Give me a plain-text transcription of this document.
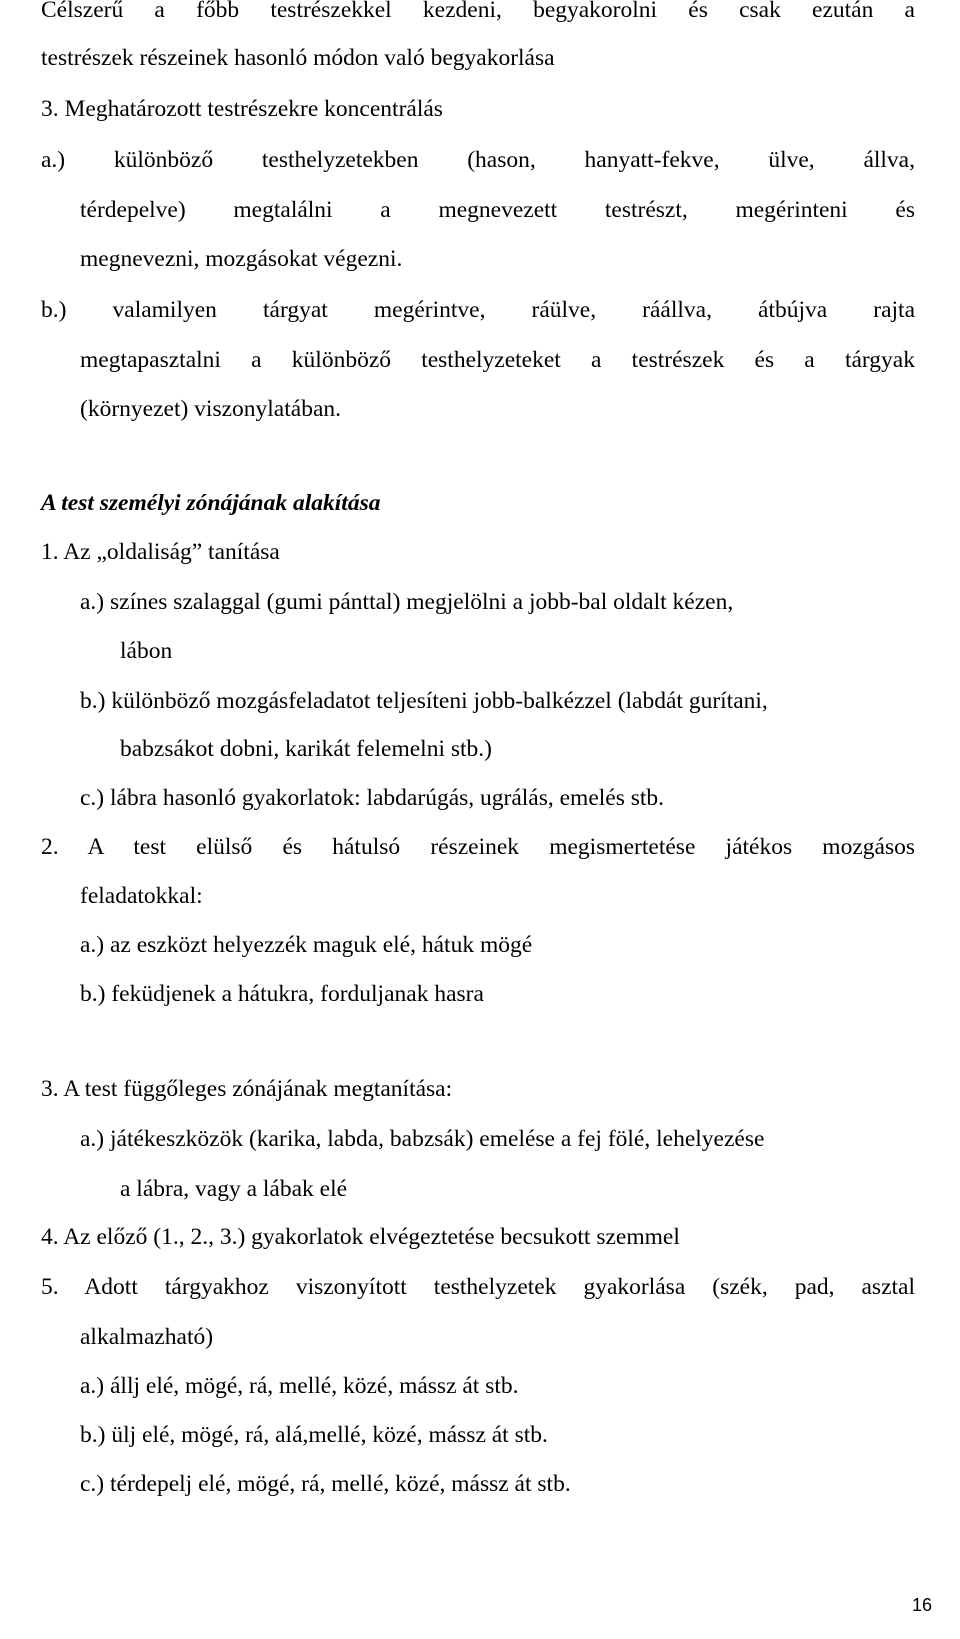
Célszerű a főbb testrészekkel kezdeni, begyakorolni és csak ezután a
testrészek részeinek hasonló módon való begyakorlása
3. Meghatározott testrészekre koncentrálás
a.) különböző testhelyzetekben (hason, hanyatt-fekve, ülve, állva,
térdepelve) megtalálni a megnevezett testrészt, megérinteni és
megnevezni, mozgásokat végezni.
b.) valamilyen tárgyat megérintve, ráülve, ráállva, átbújva rajta
megtapasztalni a különböző testhelyzeteket a testrészek és a tárgyak
(környezet) viszonylatában.
A test személyi zónájának alakítása
1. Az „oldaliság” tanítása
a.) színes szalaggal (gumi pánttal) megjelölni a jobb-bal oldalt kézen,
lábon
b.) különböző mozgásfeladatot teljesíteni jobb-balkézzel (labdát gurítani,
babzsákot dobni, karikát felemelni stb.)
c.) lábra hasonló gyakorlatok: labdarúgás, ugrálás, emelés stb.
2. A test elülső és hátulsó részeinek megismertetése játékos mozgásos
feladatokkal:
a.) az eszközt helyezzék maguk elé, hátuk mögé
b.) feküdjenek a hátukra, forduljanak hasra
3. A test függőleges zónájának megtanítása:
a.) játékeszközök (karika, labda, babzsák) emelése a fej fölé, lehelyezése
a lábra, vagy a lábak elé
4. Az előző (1., 2., 3.) gyakorlatok elvégeztetése becsukott szemmel
5. Adott tárgyakhoz viszonyított testhelyzetek gyakorlása (szék, pad, asztal
alkalmazható)
a.) állj elé, mögé, rá, mellé, közé, mássz át stb.
b.) ülj elé, mögé, rá, alá,mellé, közé, mássz át stb.
c.) térdepelj elé, mögé, rá, mellé, közé, mássz át stb.
16
